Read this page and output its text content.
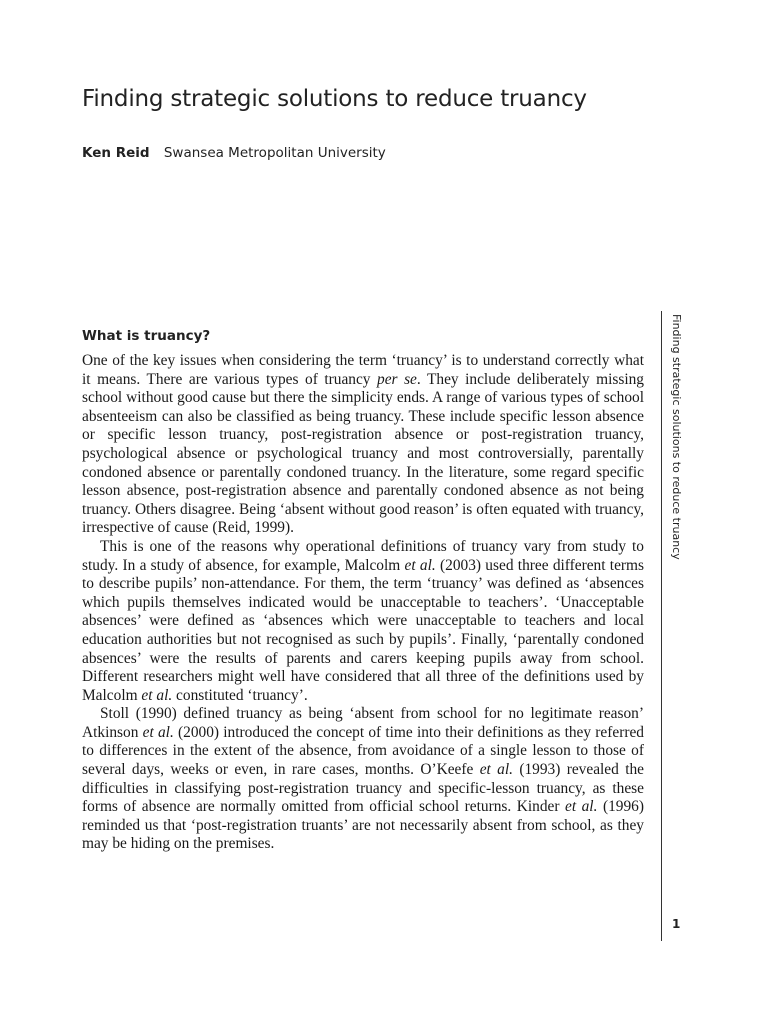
Finding strategic solutions to reduce truancy
Ken Reid Swansea Metropolitan University
What is truancy?

One of the key issues when considering the term ‘truancy’ is to understand correctly what it means. There are various types of truancy per se. They include deliberately missing school without good cause but there the simplicity ends. A range of various types of school absenteeism can also be classified as being truancy. These include specific lesson absence or specific lesson truancy, post-registration absence or post-registration truancy, psychological absence or psychological truancy and most controversially, parentally condoned absence or parentally condoned truancy. In the literature, some regard specific lesson absence, post-registration absence and parentally condoned absence as not being truancy. Others disagree. Being ‘absent without good reason’ is often equated with truancy, irrespective of cause (Reid, 1999).

This is one of the reasons why operational definitions of truancy vary from study to study. In a study of absence, for example, Malcolm et al. (2003) used three different terms to describe pupils’ non-attendance. For them, the term ‘truancy’ was defined as ‘absences which pupils themselves indicated would be unacceptable to teachers’. ‘Unacceptable absences’ were defined as ‘absences which were unacceptable to teachers and local education authorities but not recognised as such by pupils’. Finally, ‘parentally condoned absences’ were the results of parents and carers keeping pupils away from school. Different researchers might well have considered that all three of the definitions used by Malcolm et al. constituted ‘truancy’.

Stoll (1990) defined truancy as being ‘absent from school for no legitimate reason’ Atkinson et al. (2000) introduced the concept of time into their definitions as they referred to differences in the extent of the absence, from avoidance of a single lesson to those of several days, weeks or even, in rare cases, months. O’Keefe et al. (1993) revealed the difficulties in classifying post-registration truancy and specific-lesson truancy, as these forms of absence are normally omitted from official school returns. Kinder et al. (1996) reminded us that ‘post-registration truants’ are not necessarily absent from school, as they may be hiding on the premises.

Finding strategic solutions to reduce truancy
1
